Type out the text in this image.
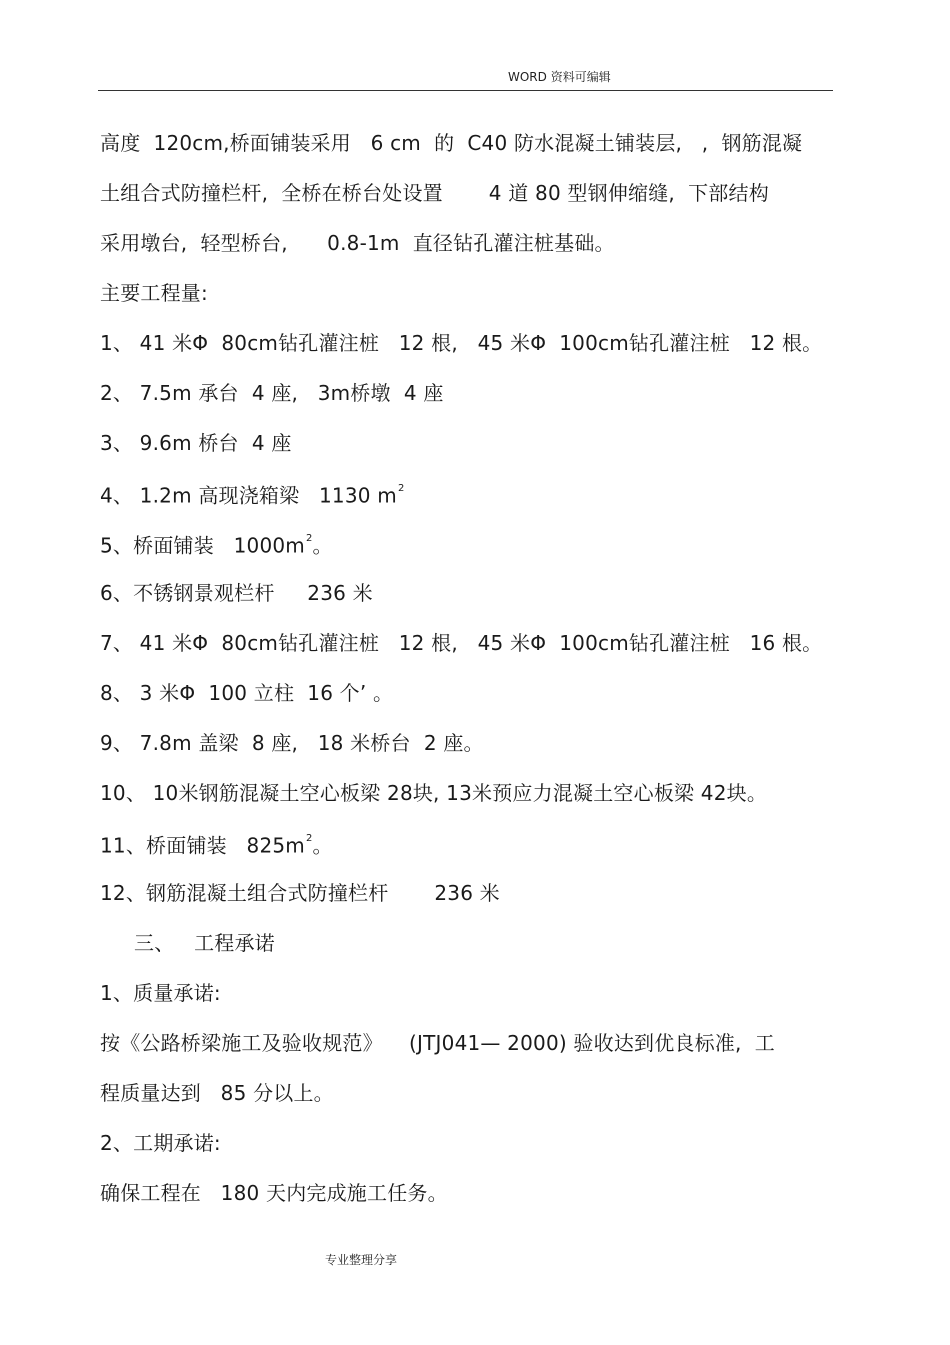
WORD 资料可编辑
高度  120cm,桥面铺装采用   6 cm  的  C40 防水混凝土铺装层,   ,  钢筋混凝
土组合式防撞栏杆,  全桥在桥台处设置       4 道 80 型钢伸缩缝,  下部结构
采用墩台,  轻型桥台,      0.8-1m  直径钻孔灌注桩基础。
主要工程量:
1、 41 米Φ  80cm钻孔灌注桩   12 根,   45 米Φ  100cm钻孔灌注桩   12 根。
2、 7.5m 承台  4 座,   3m桥墩  4 座
3、 9.6m 桥台  4 座
4、 1.2m 高现浇箱梁   1130 $m^2$
5、桥面铺装   $1000m^2$。
6、不锈钢景观栏杆     236 米
7、 41 米Φ  80cm钻孔灌注桩   12 根,   45 米Φ  100cm钻孔灌注桩   16 根。
8、 3 米Φ  100 立柱  16 个’ 。
9、 7.8m 盖梁  8 座,   18 米桥台  2 座。
10、 10米钢筋混凝土空心板梁 28块, 13米预应力混凝土空心板梁 42块。
11、桥面铺装   $825m^2$。
12、钢筋混凝土组合式防撞栏杆       236 米
三、   工程承诺
1、质量承诺:
按《公路桥梁施工及验收规范》    (JTJ041— 2000) 验收达到优良标准,  工
程质量达到   85 分以上。
2、工期承诺:
确保工程在   180 天内完成施工任务。
专业整理分享
